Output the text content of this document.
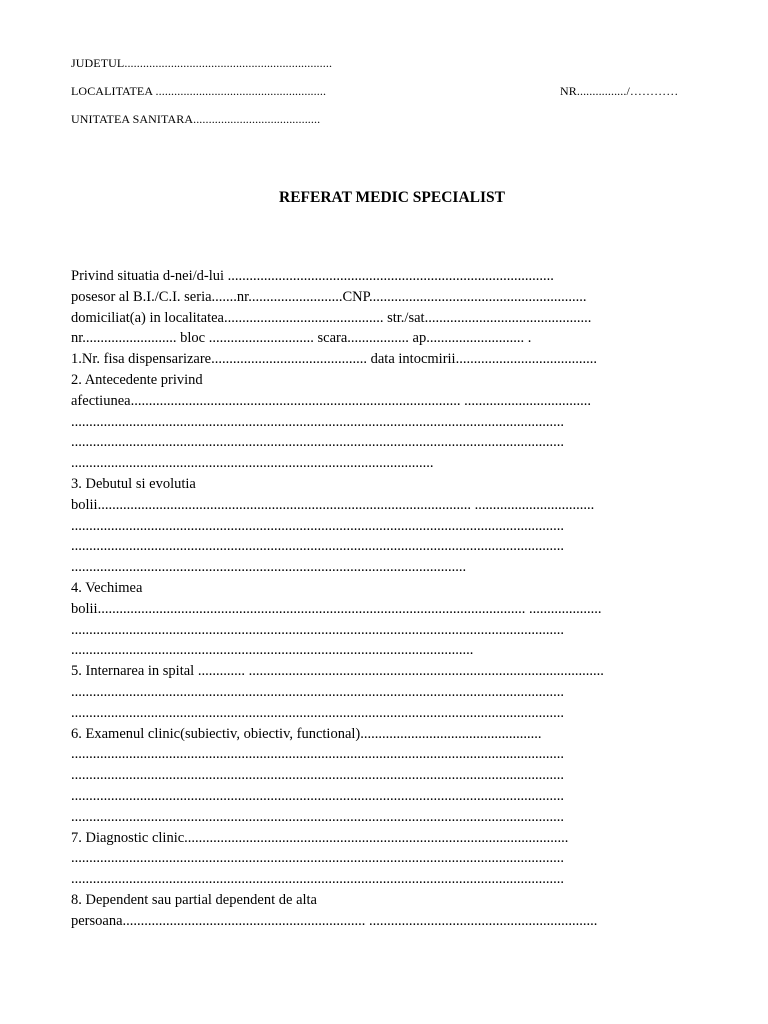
JUDETUL...................................................................
LOCALITATEA .......................................................	NR................/…………
UNITATEA SANITARA.........................................
REFERAT MEDIC SPECIALIST
Privind situatia d-nei/d-lui ..........................................................................................
posesor al B.I./C.I. seria.......nr..........................CNP............................................................
domiciliat(a) in localitatea............................................ str./sat..............................................
nr.......................... bloc ............................. scara................. ap........................... .
1.Nr. fisa dispensarizare........................................... data intocmirii.......................................
2. Antecedente privind
afectiunea........................................................................................... ...................................
........................................................................................................................................
........................................................................................................................................
....................................................................................................
3. Debutul si evolutia
bolii....................................................................................................... .................................
........................................................................................................................................
........................................................................................................................................
.............................................................................................................
4. Vechimea
bolii...................................................................................................................... ....................
........................................................................................................................................
...............................................................................................................
5. Internarea in spital ............. ..................................................................................................
........................................................................................................................................
........................................................................................................................................
6. Examenul clinic(subiectiv, obiectiv, functional)..................................................
........................................................................................................................................
........................................................................................................................................
........................................................................................................................................
........................................................................................................................................
7. Diagnostic clinic..........................................................................................................
........................................................................................................................................
........................................................................................................................................
8. Dependent sau partial dependent de alta
persoana................................................................... ...............................................................
